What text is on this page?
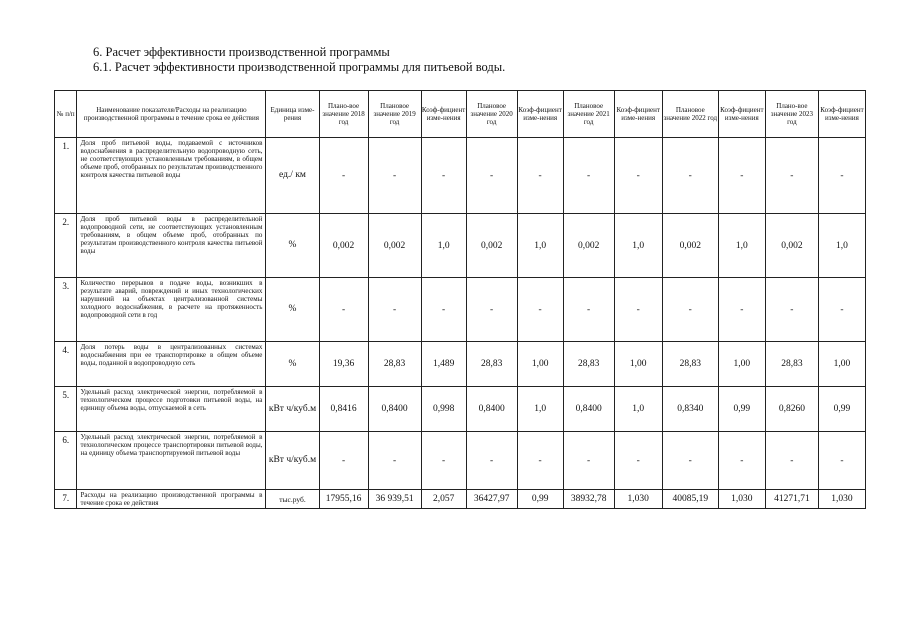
6. Расчет эффективности производственной программы
6.1. Расчет эффективности производственной программы для питьевой воды.
№ п/п	Наименование показателя/Расходы на реализацию производственной программы в течение срока ее действия	Единица изме-рения	Плано-вое значение 2018 год	Плановое значение 2019 год	Коэф-фициент изме-нения	Плановое значение 2020 год	Коэф-фициент изме-нения	Плановое значение 2021 год	Коэф-фициент изме-нения	Плановое значение 2022 год	Коэф-фициент изме-нения	Плано-вое значение 2023 год	Коэф-фициент изме-нения
1.	Доля проб питьевой воды, подаваемой с источников водоснабжения в распределительную водопроводную сеть, не соответствующих установленным требованиям, в общем объеме проб, отобранных по результатам производственного контроля качества питьевой воды	ед./ км	-	-	-	-	-	-	-	-	-	-	-
2.	Доля проб питьевой воды в распределительной водопроводной сети, не соответствующих установленным требованиям, в общем объеме проб, отобранных по результатам производственного контроля качества питьевой воды	%	0,002	0,002	1,0	0,002	1,0	0,002	1,0	0,002	1,0	0,002	1,0
3.	Количество перерывов в подаче воды, возникших в результате аварий, повреждений и иных технологических нарушений на объектах централизованной системы холодного водоснабжения, в расчете на протяженность водопроводной сети в год	%	-	-	-	-	-	-	-	-	-	-	-
4.	Доля потерь воды в централизованных системах водоснабжения при ее транспортировке в общем объеме воды, поданной в водопроводную сеть	%	19,36	28,83	1,489	28,83	1,00	28,83	1,00	28,83	1,00	28,83	1,00
5.	Удельный расход электрической энергии, потребляемой в технологическом процессе подготовки питьевой воды, на единицу объема воды, отпускаемой в сеть	кВт ч/куб.м	0,8416	0,8400	0,998	0,8400	1,0	0,8400	1,0	0,8340	0,99	0,8260	0,99
6.	Удельный расход электрической энергии, потребляемой в технологическом процессе транспортировки питьевой воды, на единицу объема транспортируемой питьевой воды	кВт ч/куб.м	-	-	-	-	-	-	-	-	-	-	-
7.	Расходы на реализацию производственной программы в течение срока ее действия	тыс.руб.	17955,16	36 939,51	2,057	36427,97	0,99	38932,78	1,030	40085,19	1,030	41271,71	1,030
